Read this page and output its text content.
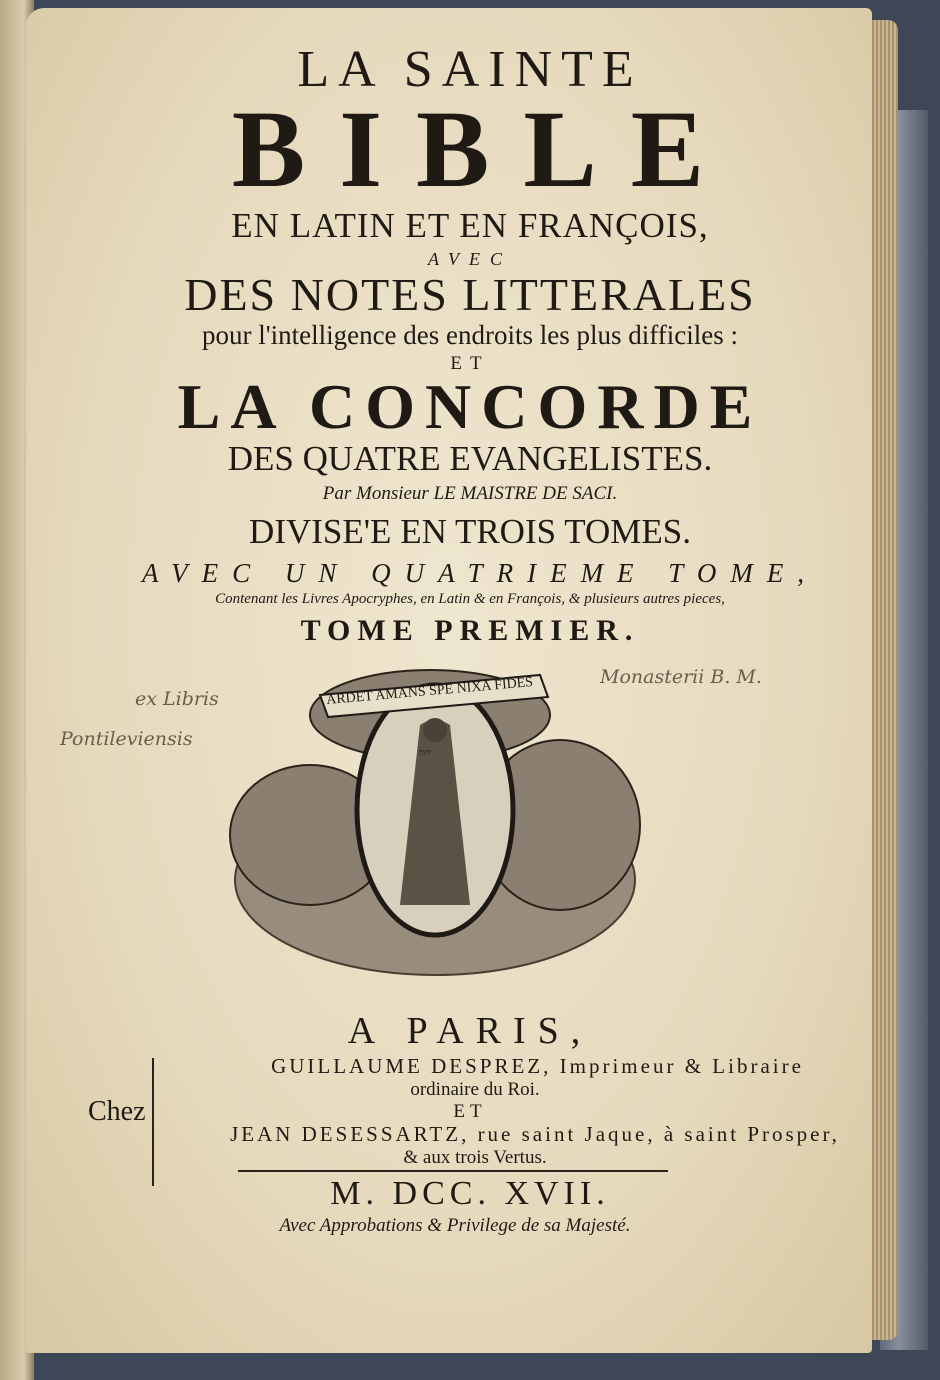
LA SAINTE
BIBLE
EN LATIN ET EN FRANÇOIS,
AVEC
DES NOTES LITTERALES
pour l'intelligence des endroits les plus difficiles :
ET
LA CONCORDE
DES QUATRE EVANGELISTES.
Par Monsieur LE MAISTRE DE SACI.
DIVISE'E EN TROIS TOMES.
AVEC UN QUATRIEME TOME,
Contenant les Livres Apocryphes, en Latin & en François, & plusieurs autres pieces,
TOME PREMIER.
ARDET AMANS SPE NIXA FIDES
יהוה
ex Libris
Pontileviensis
Monasterii B. M.
A PARIS,
Chez
GUILLAUME DESPREZ, Imprimeur & Libraire
ordinaire du Roi.
ET
JEAN DESESSARTZ, rue saint Jaque, à saint Prosper,
& aux trois Vertus.
M. DCC. XVII.
Avec Approbations & Privilege de sa Majesté.
